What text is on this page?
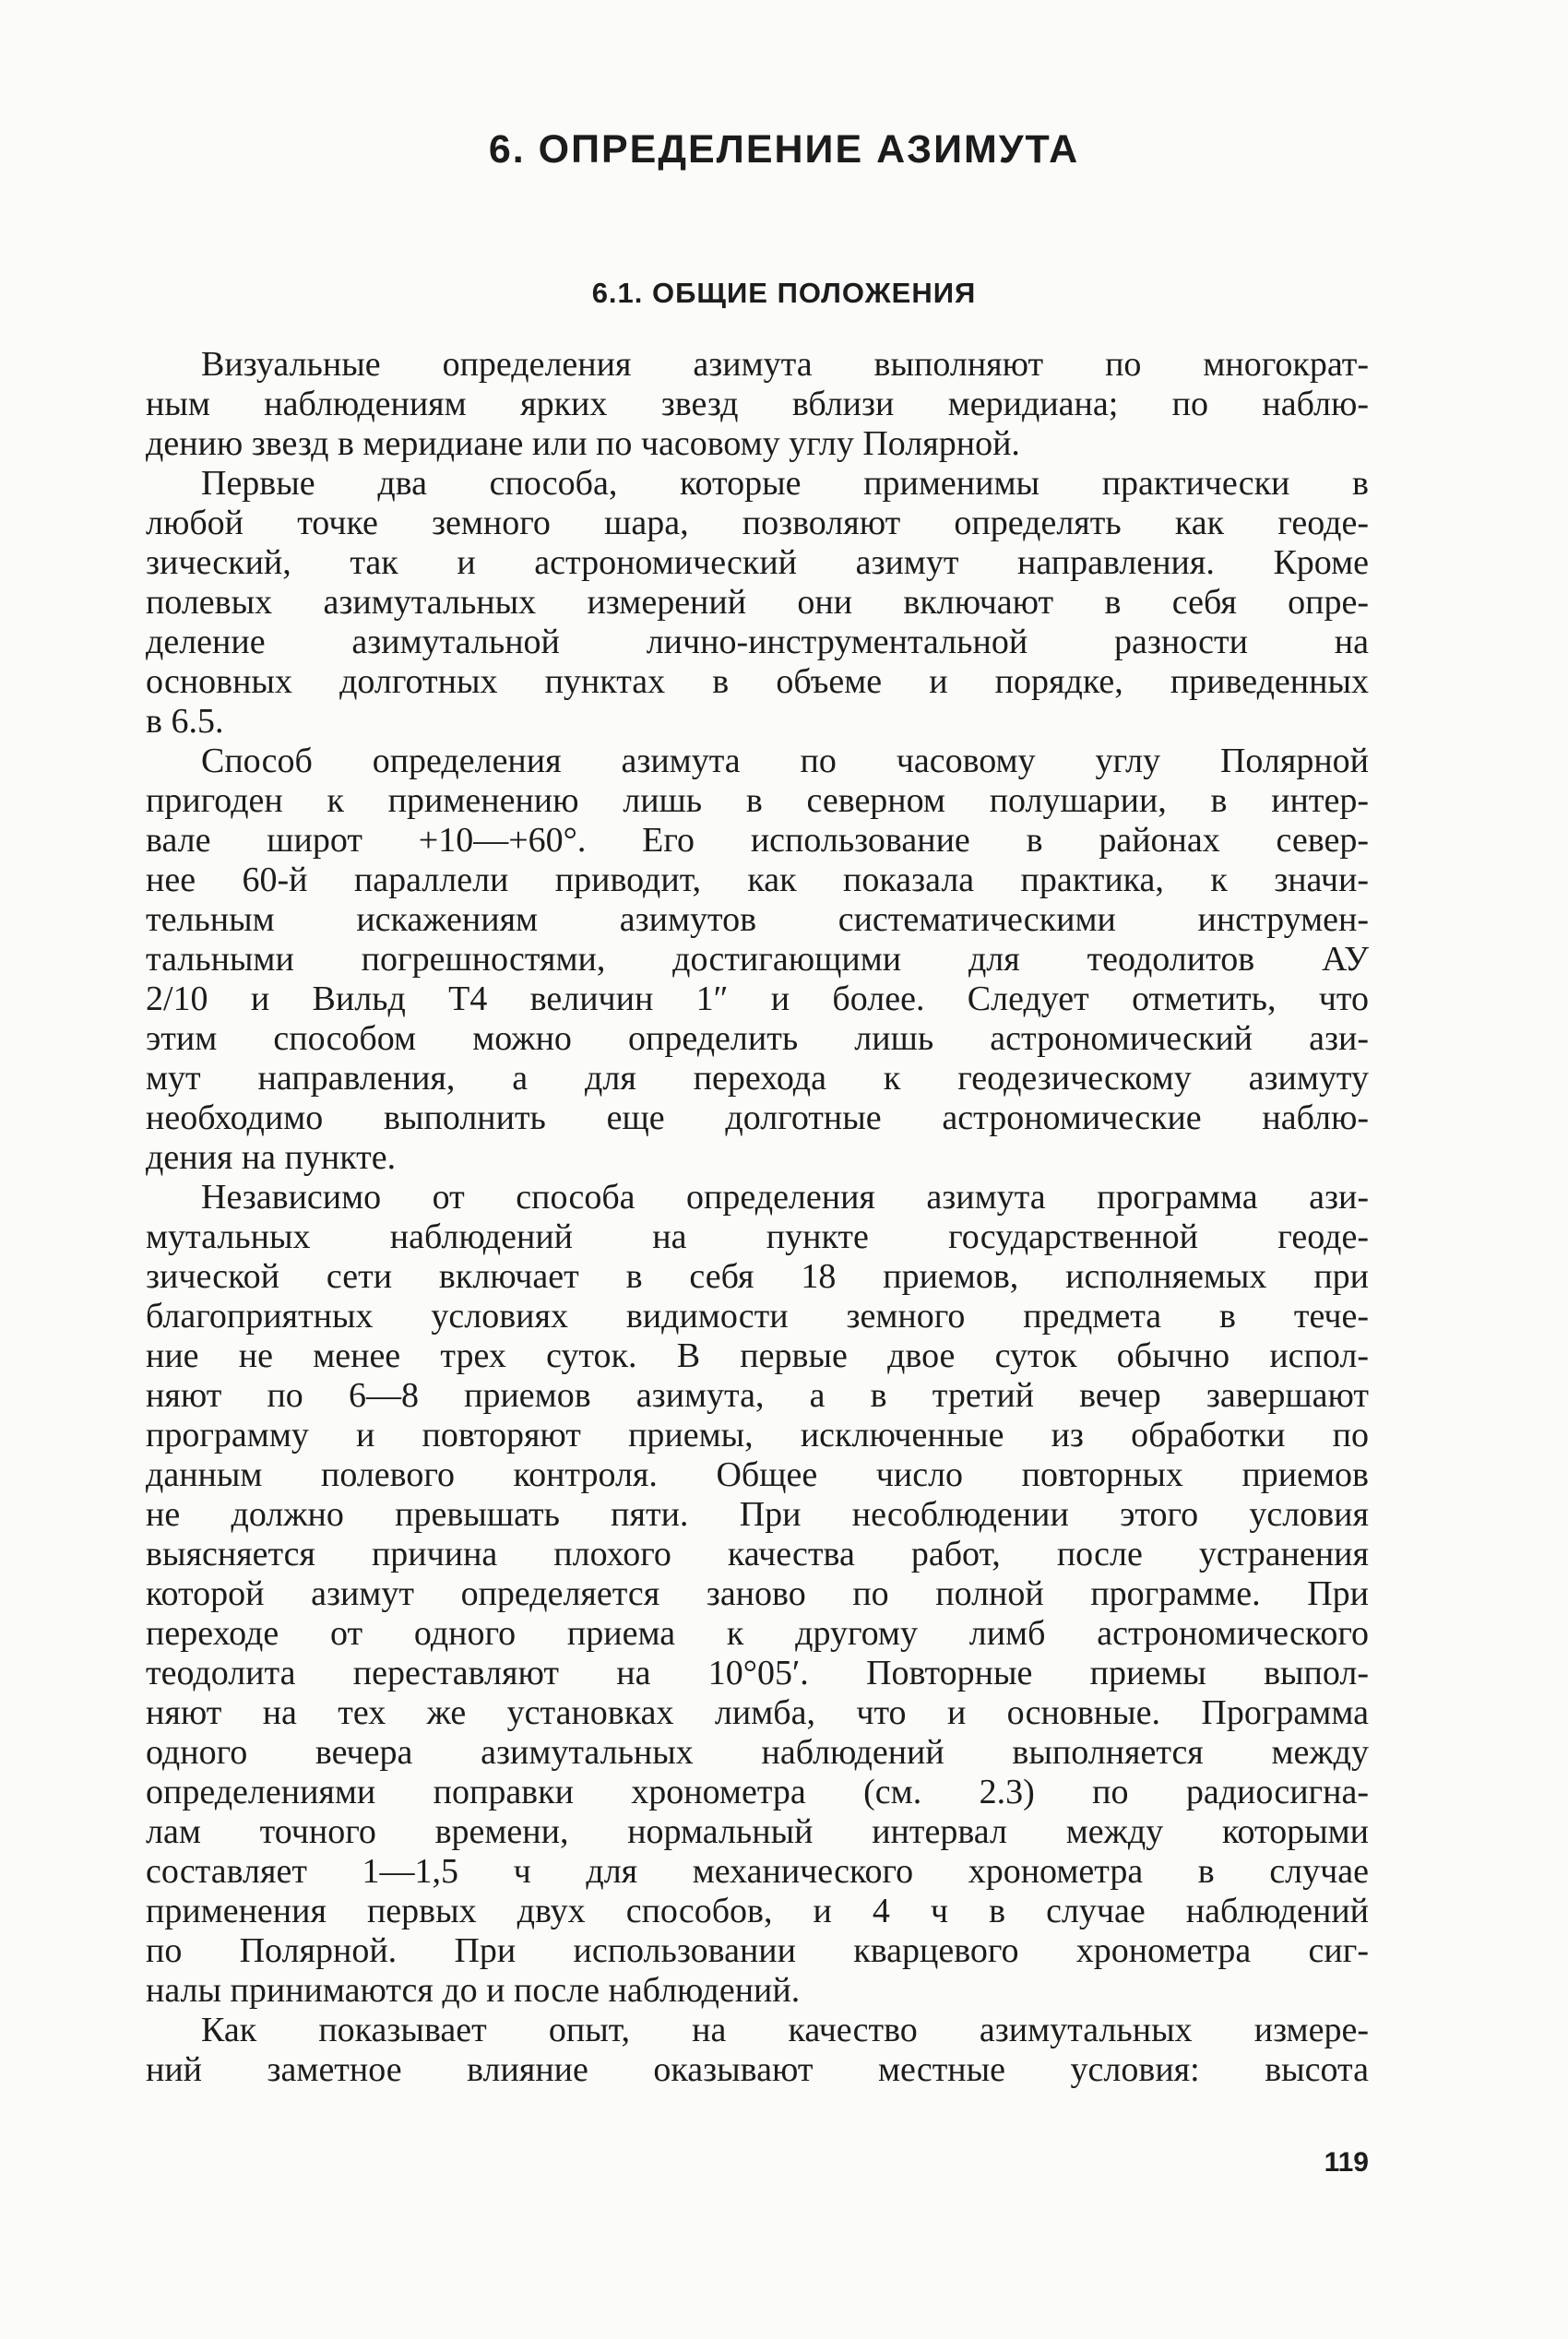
6. ОПРЕДЕЛЕНИЕ АЗИМУТА
6.1. ОБЩИЕ ПОЛОЖЕНИЯ
Визуальные определения азимута выполняют по многократ-
ным наблюдениям ярких звезд вблизи меридиана; по наблю-
дению звезд в меридиане или по часовому углу Полярной.
Первые два способа, которые применимы практически в
любой точке земного шара, позволяют определять как геоде-
зический, так и астрономический азимут направления. Кроме
полевых азимутальных измерений они включают в себя опре-
деление азимутальной лично-инструментальной разности на
основных долготных пунктах в объеме и порядке, приведенных
в 6.5.
Способ определения азимута по часовому углу Полярной
пригоден к применению лишь в северном полушарии, в интер-
вале широт +10—+60°. Его использование в районах север-
нее 60-й параллели приводит, как показала практика, к значи-
тельным искажениям азимутов систематическими инструмен-
тальными погрешностями, достигающими для теодолитов АУ
2/10 и Вильд Т4 величин 1″ и более. Следует отметить, что
этим способом можно определить лишь астрономический ази-
мут направления, а для перехода к геодезическому азимуту
необходимо выполнить еще долготные астрономические наблю-
дения на пункте.
Независимо от способа определения азимута программа ази-
мутальных наблюдений на пункте государственной геоде-
зической сети включает в себя 18 приемов, исполняемых при
благоприятных условиях видимости земного предмета в тече-
ние не менее трех суток. В первые двое суток обычно испол-
няют по 6—8 приемов азимута, а в третий вечер завершают
программу и повторяют приемы, исключенные из обработки по
данным полевого контроля. Общее число повторных приемов
не должно превышать пяти. При несоблюдении этого условия
выясняется причина плохого качества работ, после устранения
которой азимут определяется заново по полной программе. При
переходе от одного приема к другому лимб астрономического
теодолита переставляют на 10°05′. Повторные приемы выпол-
няют на тех же установках лимба, что и основные. Программа
одного вечера азимутальных наблюдений выполняется между
определениями поправки хронометра (см. 2.3) по радиосигна-
лам точного времени, нормальный интервал между которыми
составляет 1—1,5 ч для механического хронометра в случае
применения первых двух способов, и 4 ч в случае наблюдений
по Полярной. При использовании кварцевого хронометра сиг-
налы принимаются до и после наблюдений.
Как показывает опыт, на качество азимутальных измере-
ний заметное влияние оказывают местные условия: высота
119
